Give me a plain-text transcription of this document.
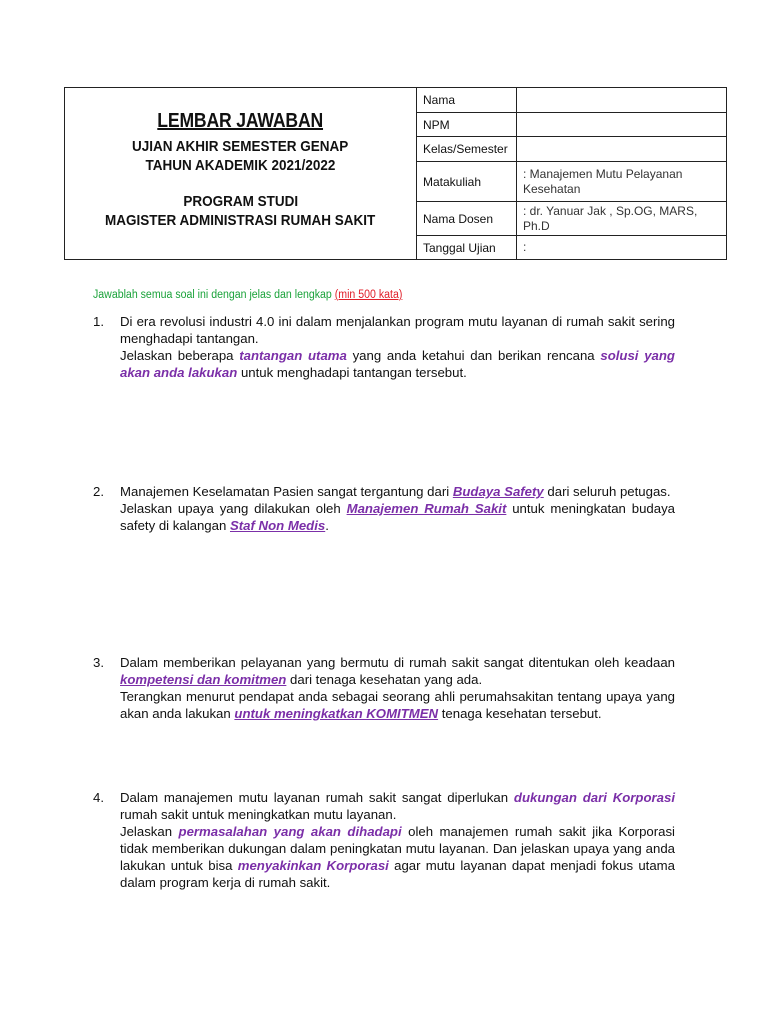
LEMBAR JAWABAN
UJIAN AKHIR SEMESTER GENAP
TAHUN AKADEMIK 2021/2022
PROGRAM STUDI
MAGISTER ADMINISTRASI RUMAH SAKIT
Nama
NPM
Kelas/Semester
Matakuliah
: Manajemen Mutu Pelayanan Kesehatan
Nama Dosen
: dr. Yanuar Jak , Sp.OG, MARS, Ph.D
Tanggal Ujian	:
Jawablah semua soal ini dengan jelas dan lengkap (min 500 kata)
1. Di era revolusi industri 4.0 ini dalam menjalankan program mutu layanan di rumah sakit sering menghadapi tantangan.

Jelaskan beberapa tantangan utama yang anda ketahui dan berikan rencana solusi yang akan anda lakukan untuk menghadapi tantangan tersebut.

2. Manajemen Keselamatan Pasien sangat tergantung dari Budaya Safety dari seluruh petugas.

Jelaskan upaya yang dilakukan oleh Manajemen Rumah Sakit untuk meningkatan budaya safety di kalangan Staf Non Medis.

3. Dalam memberikan pelayanan yang bermutu di rumah sakit sangat ditentukan oleh keadaan kompetensi dan komitmen dari tenaga kesehatan yang ada.

Terangkan menurut pendapat anda sebagai seorang ahli perumahsakitan tentang upaya yang akan anda lakukan untuk meningkatkan KOMITMEN tenaga kesehatan tersebut.

4. Dalam manajemen mutu layanan rumah sakit sangat diperlukan dukungan dari Korporasi rumah sakit untuk meningkatkan mutu layanan.

Jelaskan permasalahan yang akan dihadapi oleh manajemen rumah sakit jika Korporasi tidak memberikan dukungan dalam peningkatan mutu layanan. Dan jelaskan upaya yang anda lakukan untuk bisa menyakinkan Korporasi agar mutu layanan dapat menjadi fokus utama dalam program kerja di rumah sakit.
